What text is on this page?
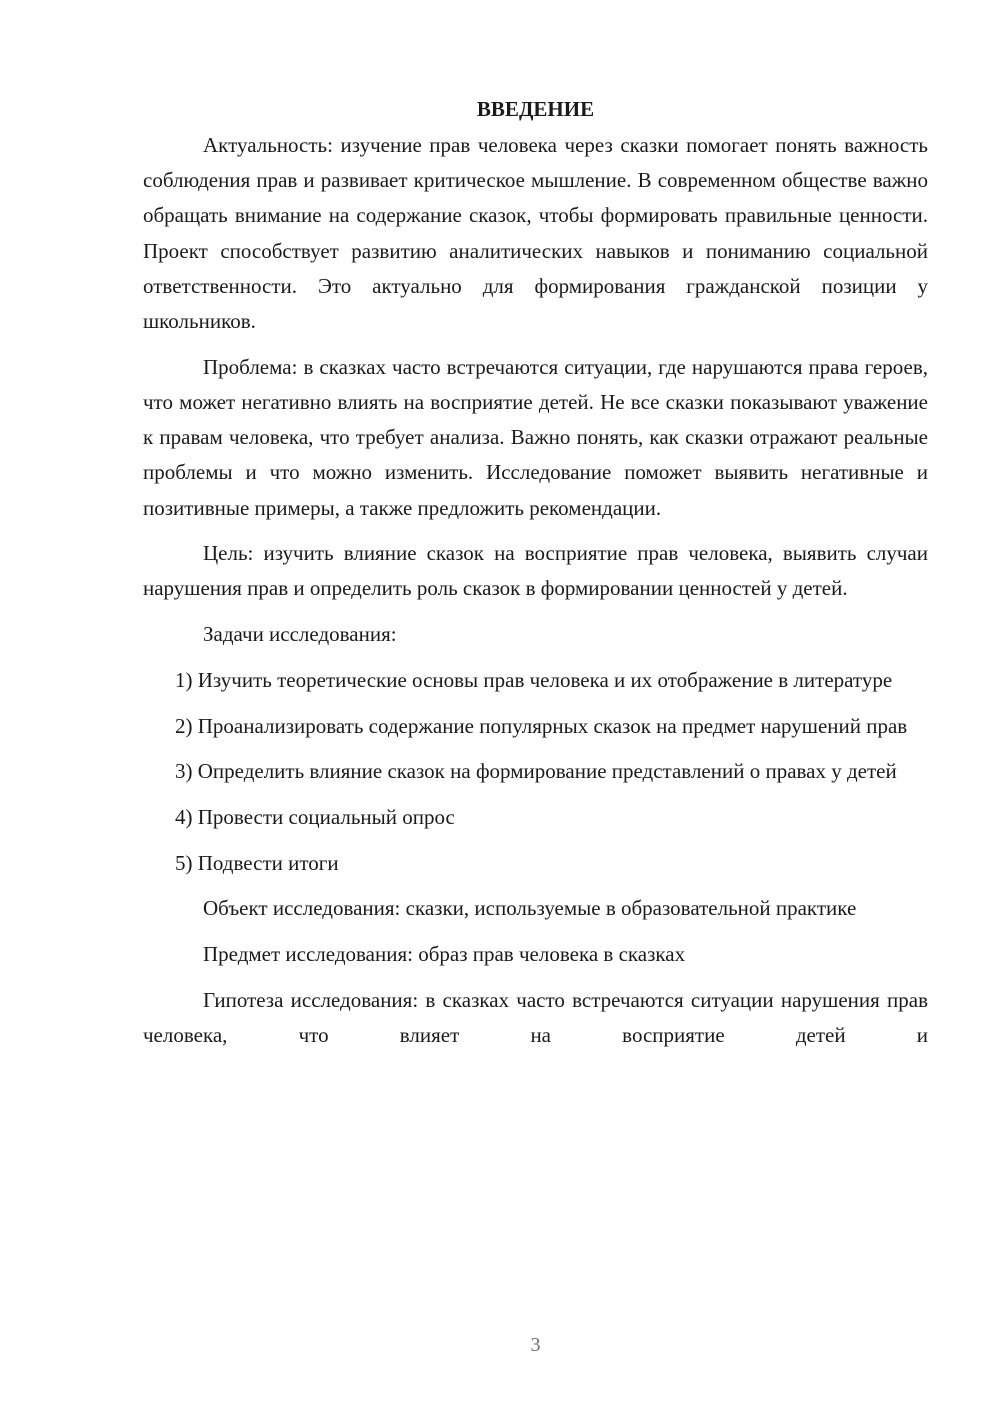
ВВЕДЕНИЕ

Актуальность: изучение прав человека через сказки помогает понять важность соблюдения прав и развивает критическое мышление. В современном обществе важно обращать внимание на содержание сказок, чтобы формировать правильные ценности. Проект способствует развитию аналитических навыков и пониманию социальной ответственности. Это актуально для формирования гражданской позиции у школьников.

Проблема: в сказках часто встречаются ситуации, где нарушаются права героев, что может негативно влиять на восприятие детей. Не все сказки показывают уважение к правам человека, что требует анализа. Важно понять, как сказки отражают реальные проблемы и что можно изменить. Исследование поможет выявить негативные и позитивные примеры, а также предложить рекомендации.

Цель: изучить влияние сказок на восприятие прав человека, выявить случаи нарушения прав и определить роль сказок в формировании ценностей у детей.

Задачи исследования:

1) Изучить теоретические основы прав человека и их отображение в литературе

2) Проанализировать содержание популярных сказок на предмет нарушений прав

3) Определить влияние сказок на формирование представлений о правах у детей

4) Провести социальный опрос

5) Подвести итоги

Объект исследования: сказки, используемые в образовательной практике

Предмет исследования: образ прав человека в сказках

Гипотеза исследования: в сказках часто встречаются ситуации нарушения прав человека, что влияет на восприятие детей и

3
